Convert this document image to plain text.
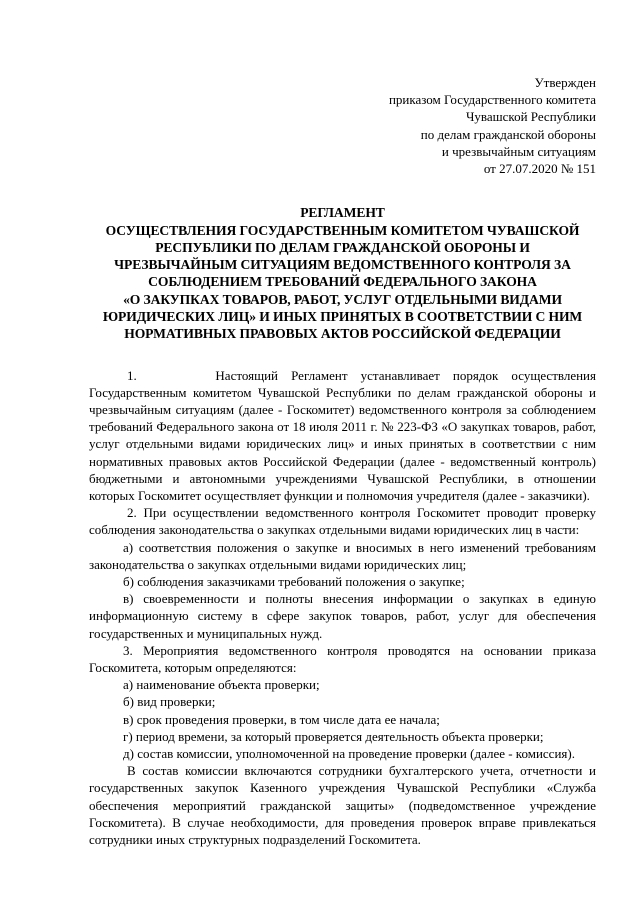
Утвержден
приказом Государственного комитета
Чувашской Республики
по делам гражданской обороны
и чрезвычайным ситуациям
от 27.07.2020 № 151
РЕГЛАМЕНТ
ОСУЩЕСТВЛЕНИЯ ГОСУДАРСТВЕННЫМ КОМИТЕТОМ ЧУВАШСКОЙ
РЕСПУБЛИКИ ПО ДЕЛАМ ГРАЖДАНСКОЙ ОБОРОНЫ И
ЧРЕЗВЫЧАЙНЫМ СИТУАЦИЯМ ВЕДОМСТВЕННОГО КОНТРОЛЯ ЗА
СОБЛЮДЕНИЕМ ТРЕБОВАНИЙ ФЕДЕРАЛЬНОГО ЗАКОНА
«О ЗАКУПКАХ ТОВАРОВ, РАБОТ, УСЛУГ ОТДЕЛЬНЫМИ ВИДАМИ
ЮРИДИЧЕСКИХ ЛИЦ» И ИНЫХ ПРИНЯТЫХ В СООТВЕТСТВИИ С НИМ
НОРМАТИВНЫХ ПРАВОВЫХ АКТОВ РОССИЙСКОЙ ФЕДЕРАЦИИ

1.      Настоящий Регламент устанавливает порядок осуществления Государственным комитетом Чувашской Республики по делам гражданской обороны и чрезвычайным ситуациям (далее - Госкомитет) ведомственного контроля за соблюдением требований Федерального закона от 18 июля 2011 г. № 223-ФЗ «О закупках товаров, работ, услуг отдельными видами юридических лиц» и иных принятых в соответствии с ним нормативных правовых актов Российской Федерации (далее - ведомственный контроль) бюджетными и автономными учреждениями Чувашской Республики, в отношении которых Госкомитет осуществляет функции и полномочия учредителя (далее - заказчики).

2. При осуществлении ведомственного контроля Госкомитет проводит проверку соблюдения законодательства о закупках отдельными видами юридических лиц в части:

а) соответствия положения о закупке и вносимых в него изменений требованиям законодательства о закупках отдельными видами юридических лиц;

б) соблюдения заказчиками требований положения о закупке;

в) своевременности и полноты внесения информации о закупках в единую информационную систему в сфере закупок товаров, работ, услуг для обеспечения государственных и муниципальных нужд.

3. Мероприятия ведомственного контроля проводятся на основании приказа Госкомитета, которым определяются:

а) наименование объекта проверки;

б) вид проверки;

в) срок проведения проверки, в том числе дата ее начала;

г) период времени, за который проверяется деятельность объекта проверки;

д) состав комиссии, уполномоченной на проведение проверки (далее - комиссия).

В состав комиссии включаются сотрудники бухгалтерского учета, отчетности и государственных закупок Казенного учреждения Чувашской Республики «Служба обеспечения мероприятий гражданской защиты» (подведомственное учреждение Госкомитета). В случае необходимости, для проведения проверок вправе привлекаться сотрудники иных структурных подразделений Госкомитета.
